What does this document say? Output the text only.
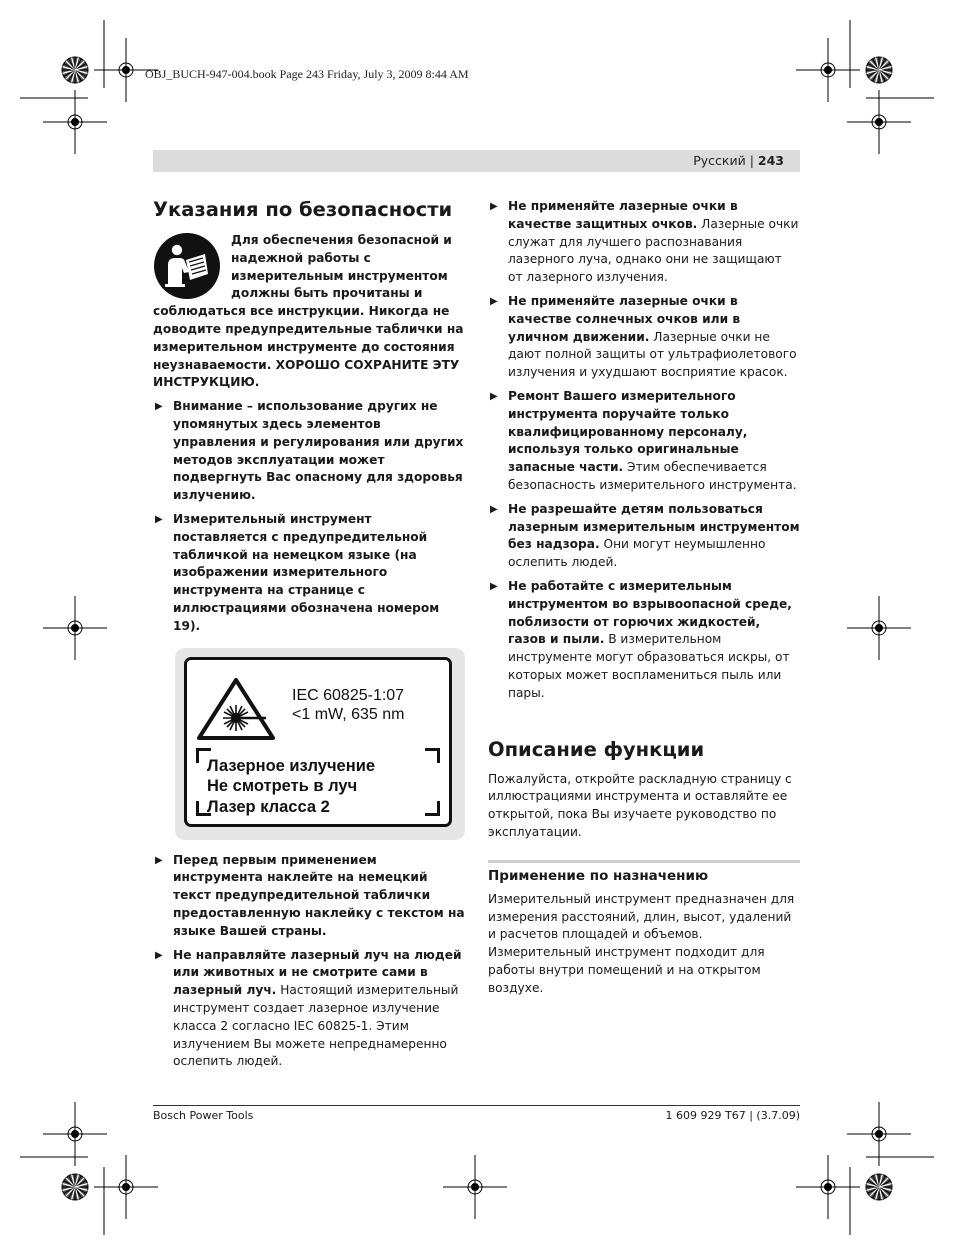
OBJ_BUCH-947-004.book Page 243 Friday, July 3, 2009 8:44 AM
Русский | 243
Указания по безопасности
Для обеспечения безопасной и надежной работы с измерительным инструментом должны быть прочитаны и соблюдаться все инструкции. Никогда не доводите предупредительные таблички на измерительном инструменте до состояния неузнаваемости. ХОРОШО СОХРАНИТЕ ЭТУ ИНСТРУКЦИЮ.
▶ Внимание – использование других не упомянутых здесь элементов управления и регулирования или других методов эксплуатации может подвергнуть Вас опасному для здоровья излучению.
▶ Измерительный инструмент поставляется с предупредительной табличкой на немецком языке (на изображении измерительного инструмента на странице с иллюстрациями обозначена номером 19).
IEC 60825-1:07
<1 mW, 635 nm
Лазерное излучение
Не смотреть в луч
Лазер класса 2
▶ Перед первым применением инструмента наклейте на немецкий текст предупредительной таблички предоставленную наклейку с текстом на языке Вашей страны.
▶ Не направляйте лазерный луч на людей или животных и не смотрите сами в лазерный луч. Настоящий измерительный инструмент создает лазерное излучение класса 2 согласно IEC 60825-1. Этим излучением Вы можете непреднамеренно ослепить людей.
▶ Не применяйте лазерные очки в качестве защитных очков. Лазерные очки служат для лучшего распознавания лазерного луча, однако они не защищают от лазерного излучения.
▶ Не применяйте лазерные очки в качестве солнечных очков или в уличном движении. Лазерные очки не дают полной защиты от ультрафиолетового излучения и ухудшают восприятие красок.
▶ Ремонт Вашего измерительного инструмента поручайте только квалифицированному персоналу, используя только оригинальные запасные части. Этим обеспечивается безопасность измерительного инструмента.
▶ Не разрешайте детям пользоваться лазерным измерительным инструментом без надзора. Они могут неумышленно ослепить людей.
▶ Не работайте с измерительным инструментом во взрывоопасной среде, поблизости от горючих жидкостей, газов и пыли. В измерительном инструменте могут образоваться искры, от которых может воспламениться пыль или пары.
Описание функции
Пожалуйста, откройте раскладную страницу с иллюстрациями инструмента и оставляйте ее открытой, пока Вы изучаете руководство по эксплуатации.
Применение по назначению
Измерительный инструмент предназначен для измерения расстояний, длин, высот, удалений и расчетов площадей и объемов. Измерительный инструмент подходит для работы внутри помещений и на открытом воздухе.
Bosch Power Tools	1 609 929 T67 | (3.7.09)
